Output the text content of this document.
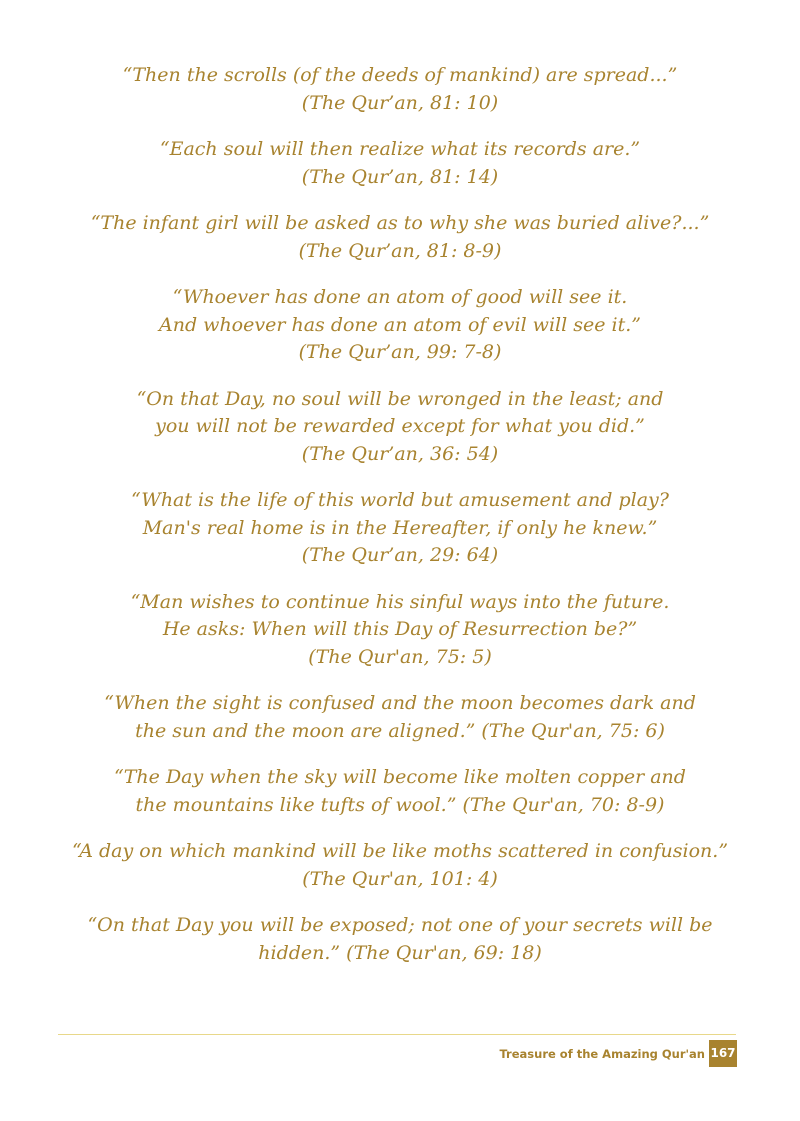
“Then the scrolls (of the deeds of mankind) are spread...”
(The Qur’an, 81: 10)
“Each soul will then realize what its records are.”
(The Qur’an, 81: 14)
“The infant girl will be asked as to why she was buried alive?...”
(The Qur’an, 81: 8-9)
“Whoever has done an atom of good will see it.
And whoever has done an atom of evil will see it.”
(The Qur’an, 99: 7-8)
“On that Day, no soul will be wronged in the least; and
you will not be rewarded except for what you did.”
(The Qur’an, 36: 54)
“What is the life of this world but amusement and play?
Man's real home is in the Hereafter, if only he knew.”
(The Qur’an, 29: 64)
“Man wishes to continue his sinful ways into the future.
He asks: When will this Day of Resurrection be?”
(The Qur'an, 75: 5)
“When the sight is confused and the moon becomes dark and
the sun and the moon are aligned.” (The Qur'an, 75: 6)
“The Day when the sky will become like molten copper and
the mountains like tufts of wool.” (The Qur'an, 70: 8-9)
“A day on which mankind will be like moths scattered in confusion.”
(The Qur'an, 101: 4)
“On that Day you will be exposed; not one of your secrets will be
hidden.” (The Qur'an, 69: 18)
Treasure of the Amazing Qur'an 167
